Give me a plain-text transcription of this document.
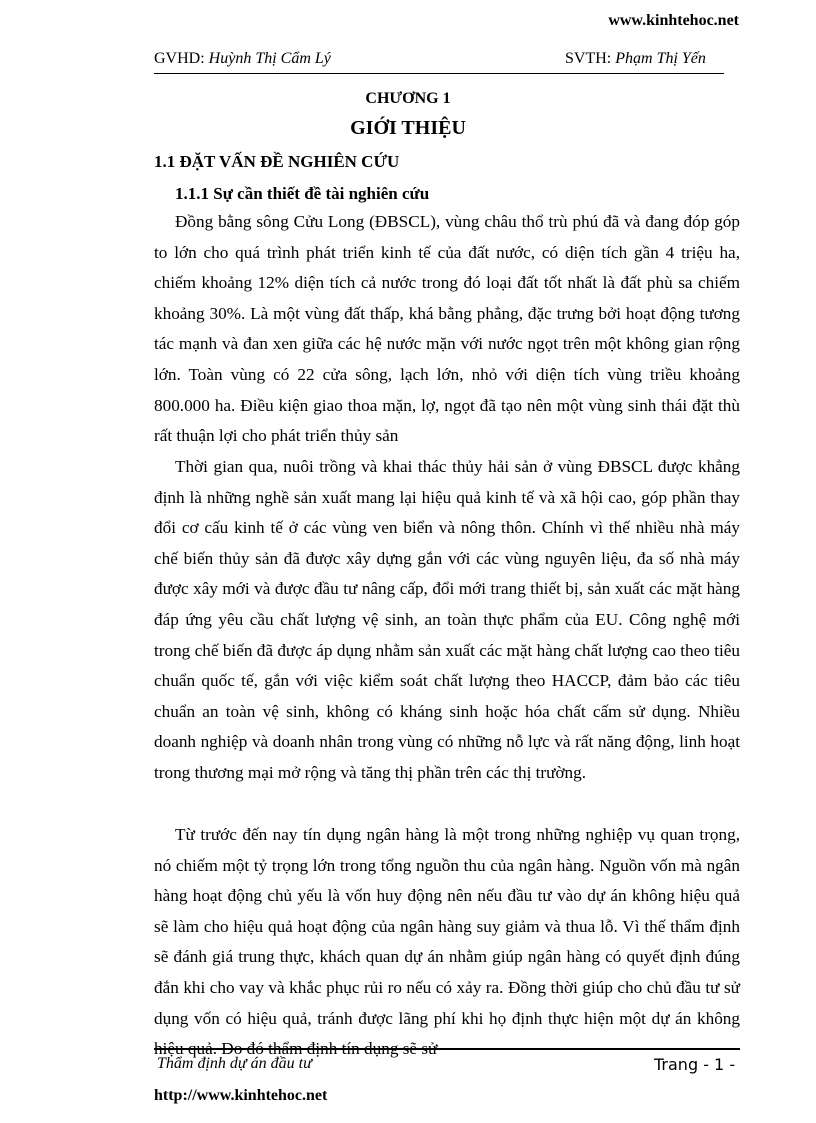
www.kinhtehoc.net
GVHD: Huỳnh Thị Cẩm Lý	SVTH: Phạm Thị Yến
CHƯƠNG 1
GIỚI THIỆU
1.1 ĐẶT VẤN ĐỀ NGHIÊN CỨU
1.1.1 Sự cần thiết đề tài nghiên cứu

Đồng bằng sông Cửu Long (ĐBSCL), vùng châu thổ trù phú đã và đang đóp góp to lớn cho quá trình phát triển kinh tế của đất nước, có diện tích gần 4 triệu ha, chiếm khoảng 12% diện tích cả nước trong đó loại đất tốt nhất là đất phù sa chiếm khoảng 30%. Là một vùng đất thấp, khá bằng phẳng, đặc trưng bởi hoạt động tương tác mạnh và đan xen giữa các hệ nước mặn với nước ngọt trên một không gian rộng lớn. Toàn vùng có 22 cửa sông, lạch lớn, nhỏ với diện tích vùng triều khoảng 800.000 ha. Điều kiện giao thoa mặn, lợ, ngọt đã tạo nên một vùng sinh thái đặt thù rất thuận lợi cho phát triển thủy sản

Thời gian qua, nuôi trồng và khai thác thủy hải sản ở vùng ĐBSCL được khẳng định là những nghề sản xuất mang lại hiệu quả kinh tế và xã hội cao, góp phần thay đổi cơ cấu kinh tế ở các vùng ven biển và nông thôn. Chính vì thế nhiều nhà máy chế biến thủy sản đã được xây dựng gắn với các vùng nguyên liệu, đa số nhà máy được xây mới và được đầu tư nâng cấp, đổi mới trang thiết bị, sản xuất các mặt hàng đáp ứng yêu cầu chất lượng vệ sinh, an toàn thực phẩm của EU. Công nghệ mới trong chế biến đã được áp dụng nhằm sản xuất các mặt hàng chất lượng cao theo tiêu chuẩn quốc tế, gắn với việc kiểm soát chất lượng theo HACCP, đảm bảo các tiêu chuẩn an toàn vệ sinh, không có kháng sinh hoặc hóa chất cấm sử dụng. Nhiều doanh nghiệp và doanh nhân trong vùng có những nỗ lực và rất năng động, linh hoạt trong thương mại mở rộng và tăng thị phần trên các thị trường.

Từ trước đến nay tín dụng ngân hàng là một trong những nghiệp vụ quan trọng, nó chiếm một tỷ trọng lớn trong tổng nguồn thu của ngân hàng. Nguồn vốn mà ngân hàng hoạt động chủ yếu là vốn huy động nên nếu đầu tư vào dự án không hiệu quả sẽ làm cho hiệu quả hoạt động của ngân hàng suy giảm và thua lỗ. Vì thế thẩm định sẽ đánh giá trung thực, khách quan dự án nhằm giúp ngân hàng có quyết định đúng đắn khi cho vay và khắc phục rủi ro nếu có xảy ra. Đồng thời giúp cho chủ đầu tư sử dụng vốn có hiệu quả, tránh được lãng phí khi họ định thực hiện một dự án không hiệu quả. Do đó thẩm định tín dụng sẽ sử

Thẩm định dự án đầu tư	Trang - 1 -
http://www.kinhtehoc.net
